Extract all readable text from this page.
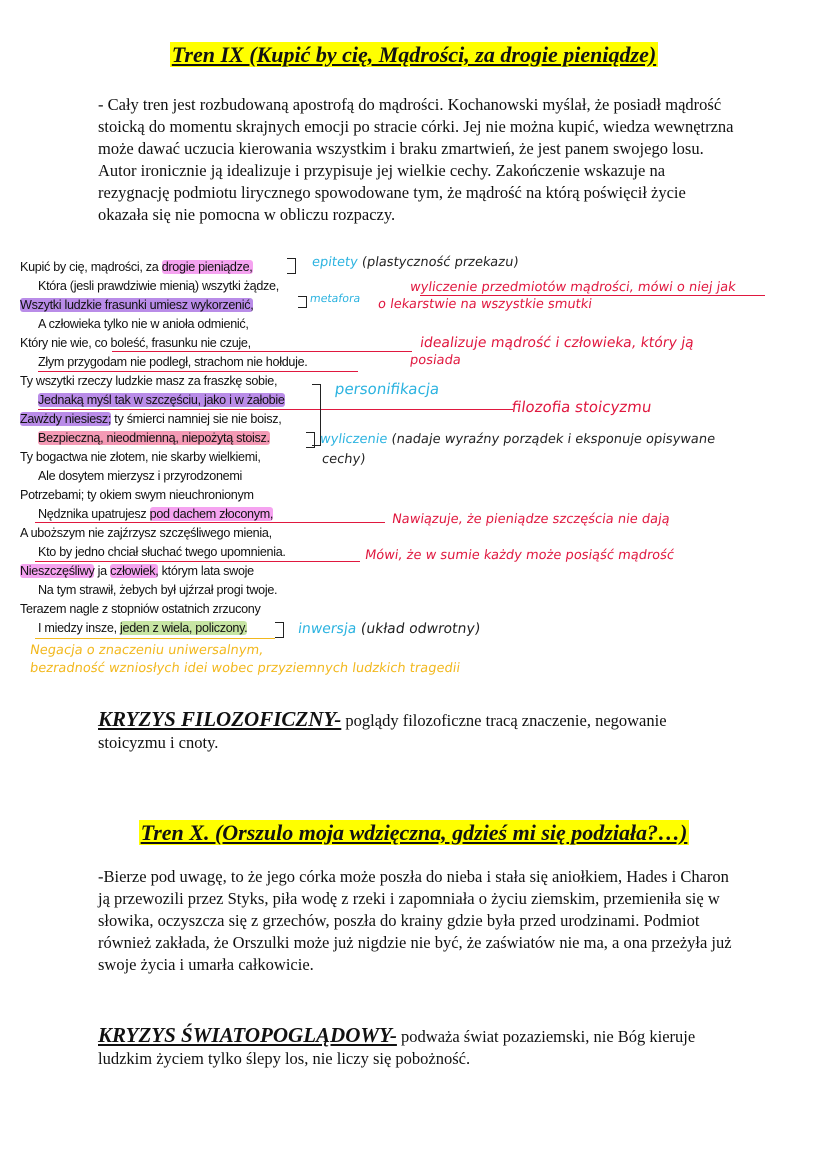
Tren IX (Kupić by cię, Mądrości, za drogie pieniądze)
- Cały tren jest rozbudowaną apostrofą do mądrości. Kochanowski myślał, że posiadł mądrość stoicką do momentu skrajnych emocji po stracie córki. Jej nie można kupić, wiedza wewnętrzna może dawać uczucia kierowania wszystkim i braku zmartwień, że jest panem swojego losu. Autor ironicznie ją idealizuje i przypisuje jej wielkie cechy. Zakończenie wskazuje na rezygnację podmiotu lirycznego spowodowane tym, że mądrość na którą poświęcił życie okazała się nie pomocna w obliczu rozpaczy.
Kupić by cię, mądrości, za drogie pieniądze,
Która (jesli prawdziwie mienią) wszytki żądze,
Wszytki ludzkie frasunki umiesz wykorzenić,
A człowieka tylko nie w anioła odmienić,
Który nie wie, co boleść, frasunku nie czuje,
Złym przygodam nie podległ, strachom nie hołduje.
Ty wszytki rzeczy ludzkie masz za fraszkę sobie,
Jednaką myśl tak w szczęściu, jako i w żałobie
Zawżdy niesiesz; ty śmierci namniej sie nie boisz,
Bezpieczną, nieodmienną, niepożytą stoisz.
Ty bogactwa nie złotem, nie skarby wielkiemi,
Ale dosytem mierzysz i przyrodzonemi
Potrzebami; ty okiem swym nieuchronionym
Nędznika upatrujesz pod dachem złoconym,
A uboższym nie zajźrzysz szczęśliwego mienia,
Kto by jedno chciał słuchać twego upomnienia.
Nieszczęśliwy ja człowiek, którym lata swoje
Na tym strawił, żebych był ujźrzał progi twoje.
Terazem nagle z stopniów ostatnich zrzucony
I miedzy insze, jeden z wiela, policzony.
epitety (plastyczność przekazu)
metafora
wyliczenie przedmiotów mądrości, mówi o niej jak
o lekarstwie na wszystkie smutki
idealizuje mądrość i człowieka, który ją
posiada
personifikacja
filozofia stoicyzmu
wyliczenie (nadaje wyraźny porządek i eksponuje opisywane
cechy)
Nawiązuje, że pieniądze szczęścia nie dają
Mówi, że w sumie każdy może posiąść mądrość
inwersja (układ odwrotny)
Negacja o znaczeniu uniwersalnym,
bezradność wzniosłych idei wobec przyziemnych ludzkich tragedii
KRYZYS FILOZOFICZNY- poglądy filozoficzne tracą znaczenie, negowanie stoicyzmu i cnoty.
Tren X. (Orszulo moja wdzięczna, gdzieś mi się podziała?…)
-Bierze pod uwagę, to że jego córka może poszła do nieba i stała się aniołkiem, Hades i Charon ją przewozili przez Styks, piła wodę z rzeki i zapomniała o życiu ziemskim, przemieniła się w słowika, oczyszcza się z grzechów, poszła do krainy gdzie była przed urodzinami. Podmiot również zakłada, że Orszulki może już nigdzie nie być, że zaświatów nie ma, a ona przeżyła już swoje życia i umarła całkowicie.
KRYZYS ŚWIATOPOGLĄDOWY- podważa świat pozaziemski, nie Bóg kieruje ludzkim życiem tylko ślepy los, nie liczy się pobożność.
